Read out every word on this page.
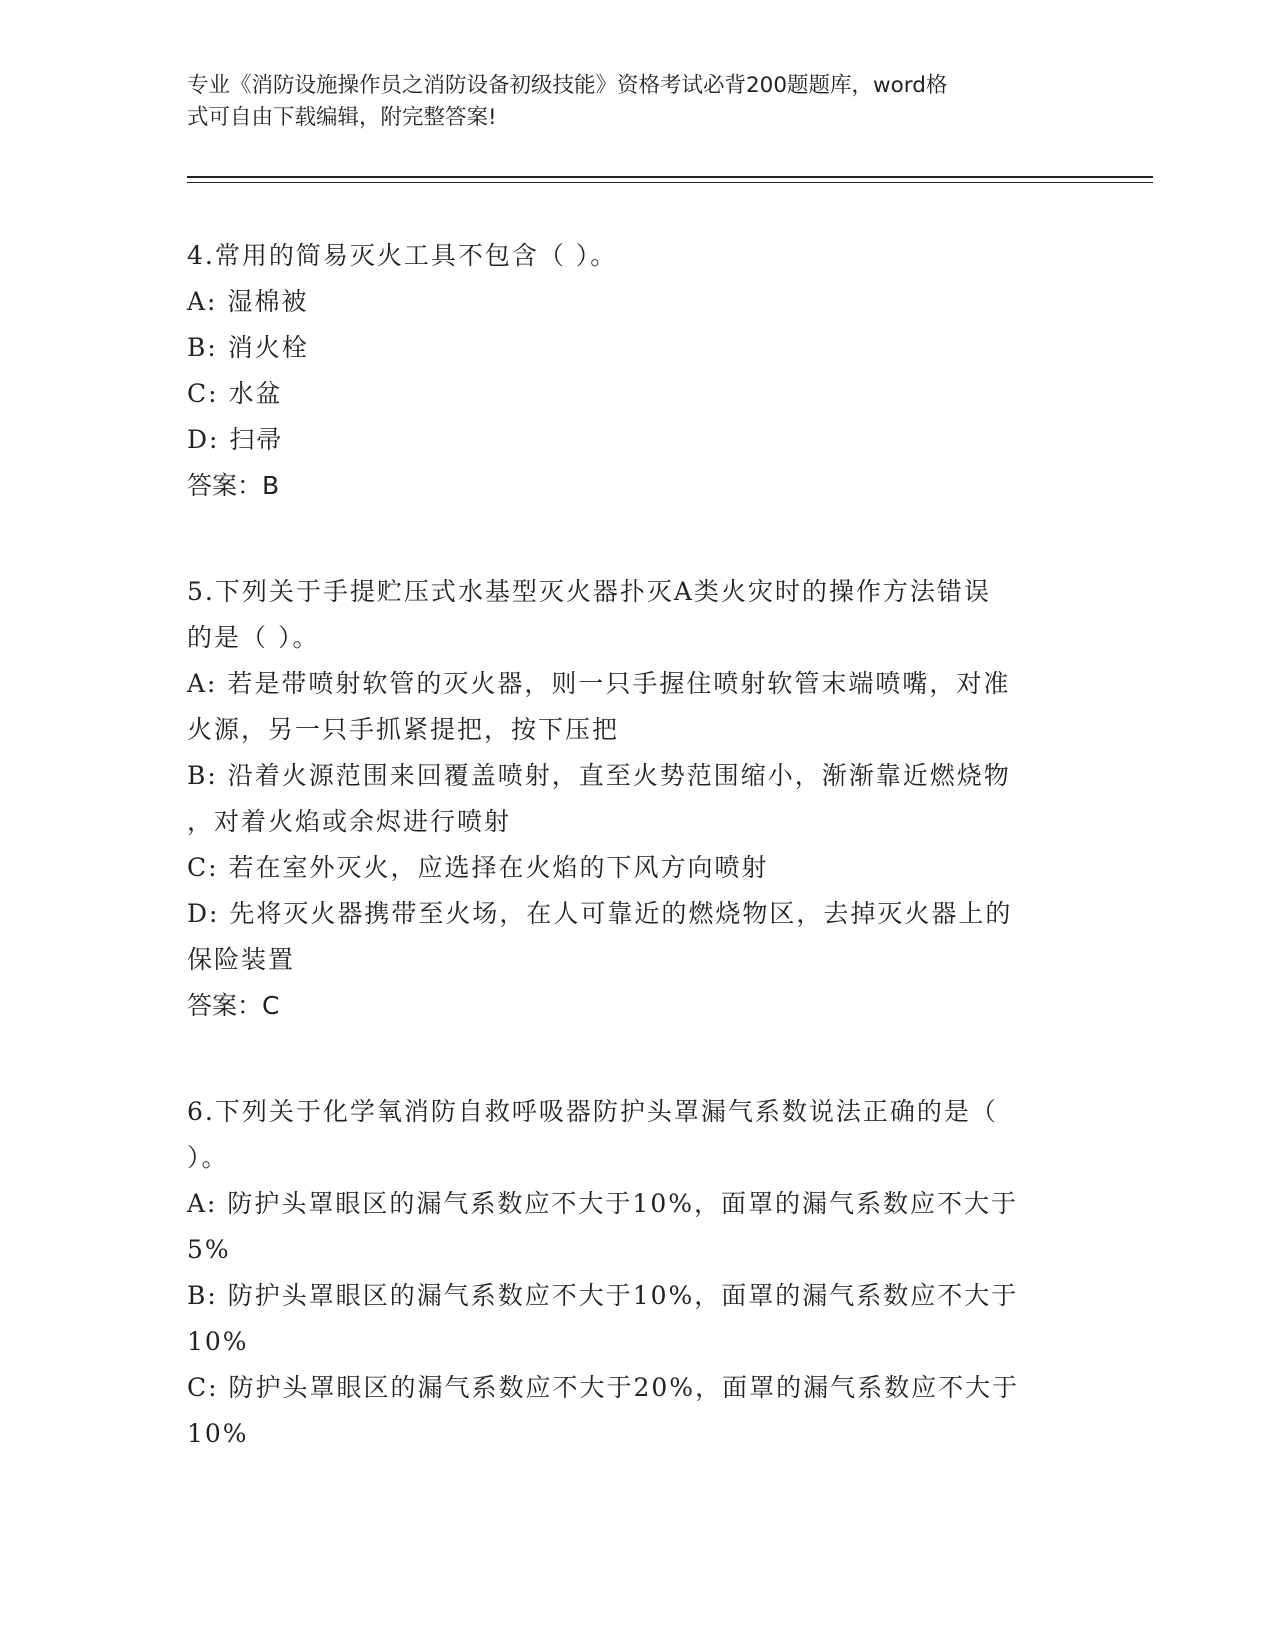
专业《消防设施操作员之消防设备初级技能》资格考试必背200题题库，word格
式可自由下载编辑，附完整答案!

4.常用的简易灭火工具不包含（ ）。

A: 湿棉被

B: 消火栓

C: 水盆

D: 扫帚

答案：B

5.下列关于手提贮压式水基型灭火器扑灭A类火灾时的操作方法错误

的是（ ）。

A: 若是带喷射软管的灭火器，则一只手握住喷射软管末端喷嘴，对准

火源，另一只手抓紧提把，按下压把

B: 沿着火源范围来回覆盖喷射，直至火势范围缩小，渐渐靠近燃烧物

，对着火焰或余烬进行喷射

C: 若在室外灭火，应选择在火焰的下风方向喷射

D: 先将灭火器携带至火场，在人可靠近的燃烧物区，去掉灭火器上的

保险装置

答案：C

6.下列关于化学氧消防自救呼吸器防护头罩漏气系数说法正确的是（

）。

A: 防护头罩眼区的漏气系数应不大于10%，面罩的漏气系数应不大于

5%

B: 防护头罩眼区的漏气系数应不大于10%，面罩的漏气系数应不大于

10%

C: 防护头罩眼区的漏气系数应不大于20%，面罩的漏气系数应不大于

10%
